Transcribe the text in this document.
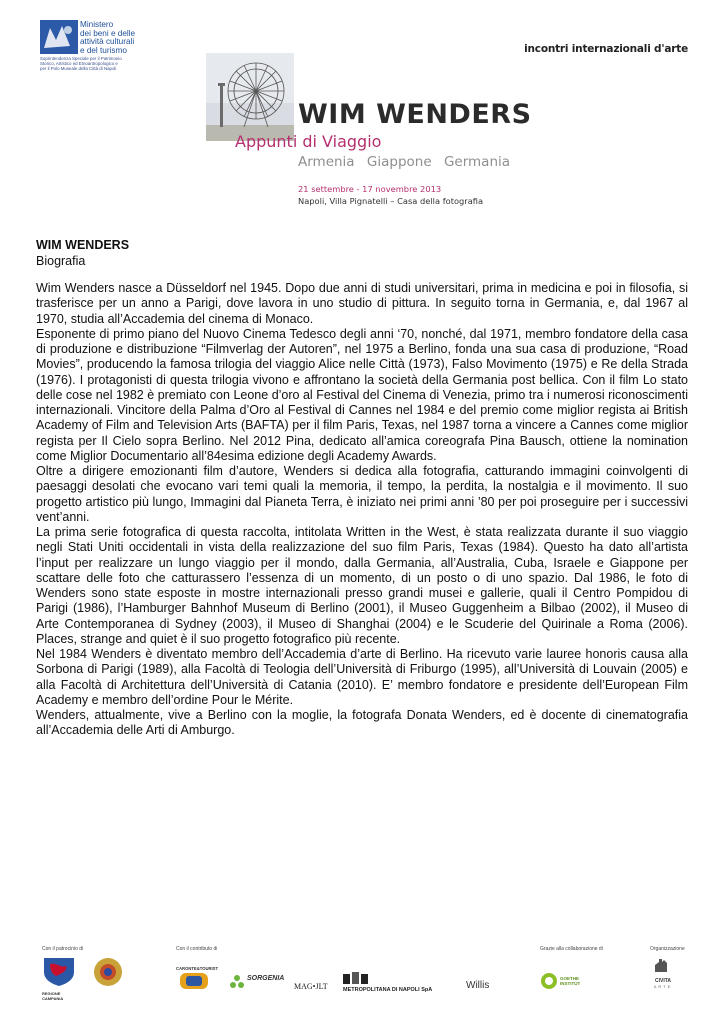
Ministero
dei beni e delle
attività culturali
e del turismo
Soprintendenza Speciale per il Patrimonio
Storico, Artistico ed Etnoantropologico e
per il Polo Museale della Città di Napoli
incontri internazionali d'arte
WIM WENDERS
Appunti di Viaggio
Armenia Giappone Germania
21 settembre - 17 novembre 2013
Napoli, Villa Pignatelli – Casa della fotografia
WIM WENDERS
Biografia

Wim Wenders nasce a Düsseldorf nel 1945. Dopo due anni di studi universitari, prima in medicina e poi in filosofia, si trasferisce per un anno a Parigi, dove lavora in uno studio di pittura. In seguito torna in Germania, e, dal 1967 al 1970, studia all’Accademia del cinema di Monaco.

Esponente di primo piano del Nuovo Cinema Tedesco degli anni ‘70, nonché, dal 1971, membro fondatore della casa di produzione e distribuzione “Filmverlag der Autoren”, nel 1975 a Berlino, fonda una sua casa di produzione, “Road Movies”, producendo la famosa trilogia del viaggio Alice nelle Città (1973), Falso Movimento (1975) e Re della Strada (1976). I protagonisti di questa trilogia vivono e affrontano la società della Germania post bellica. Con il film Lo stato delle cose nel 1982 è premiato con Leone d’oro al Festival del Cinema di Venezia, primo tra i numerosi riconoscimenti internazionali. Vincitore della Palma d’Oro al Festival di Cannes nel 1984 e del premio come miglior regista ai British Academy of Film and Television Arts (BAFTA) per il film Paris, Texas, nel 1987 torna a vincere a Cannes come miglior regista per Il Cielo sopra Berlino. Nel 2012 Pina, dedicato all’amica coreografa Pina Bausch, ottiene la nomination come Miglior Documentario all’84esima edizione degli Academy Awards.

Oltre a dirigere emozionanti film d’autore, Wenders si dedica alla fotografia, catturando immagini coinvolgenti di paesaggi desolati che evocano vari temi quali la memoria, il tempo, la perdita, la nostalgia e il movimento. Il suo progetto artistico più lungo, Immagini dal Pianeta Terra, è iniziato nei primi anni ’80 per poi proseguire per i successivi vent’anni.

La prima serie fotografica di questa raccolta, intitolata Written in the West, è stata realizzata durante il suo viaggio negli Stati Uniti occidentali in vista della realizzazione del suo film Paris, Texas (1984). Questo ha dato all’artista l’input per realizzare un lungo viaggio per il mondo, dalla Germania, all’Australia, Cuba, Israele e Giappone per scattare delle foto che catturassero l’essenza di un momento, di un posto o di uno spazio. Dal 1986, le foto di Wenders sono state esposte in mostre internazionali presso grandi musei e gallerie, quali il Centro Pompidou di Parigi (1986), l’Hamburger Bahnhof Museum di Berlino (2001), il Museo Guggenheim a Bilbao (2002), il Museo di Arte Contemporanea di Sydney (2003), il Museo di Shanghai (2004) e le Scuderie del Quirinale a Roma (2006). Places, strange and quiet è il suo progetto fotografico più recente.

Nel 1984 Wenders è diventato membro dell’Accademia d’arte di Berlino. Ha ricevuto varie lauree honoris causa alla Sorbona di Parigi (1989), alla Facoltà di Teologia dell’Università di Friburgo (1995), all’Università di Louvain (2005) e alla Facoltà di Architettura dell’Università di Catania (2010). E’ membro fondatore e presidente dell’European Film Academy e membro dell’ordine Pour le Mérite.

Wenders, attualmente, vive a Berlino con la moglie, la fotografa Donata Wenders, ed è docente di cinematografia all’Accademia delle Arti di Amburgo.

Con il patrocinio di	Con il contributo di	Grazie alla collaborazione di	Organizzazione
REGIONE CAMPANIA
CARONTE&TOURIST
SORGENIA
MAG•JLT	METROPOLITANA DI NAPOLI SpA	Willis
GOETHE INSTITUT	CIVITA
ARTE
